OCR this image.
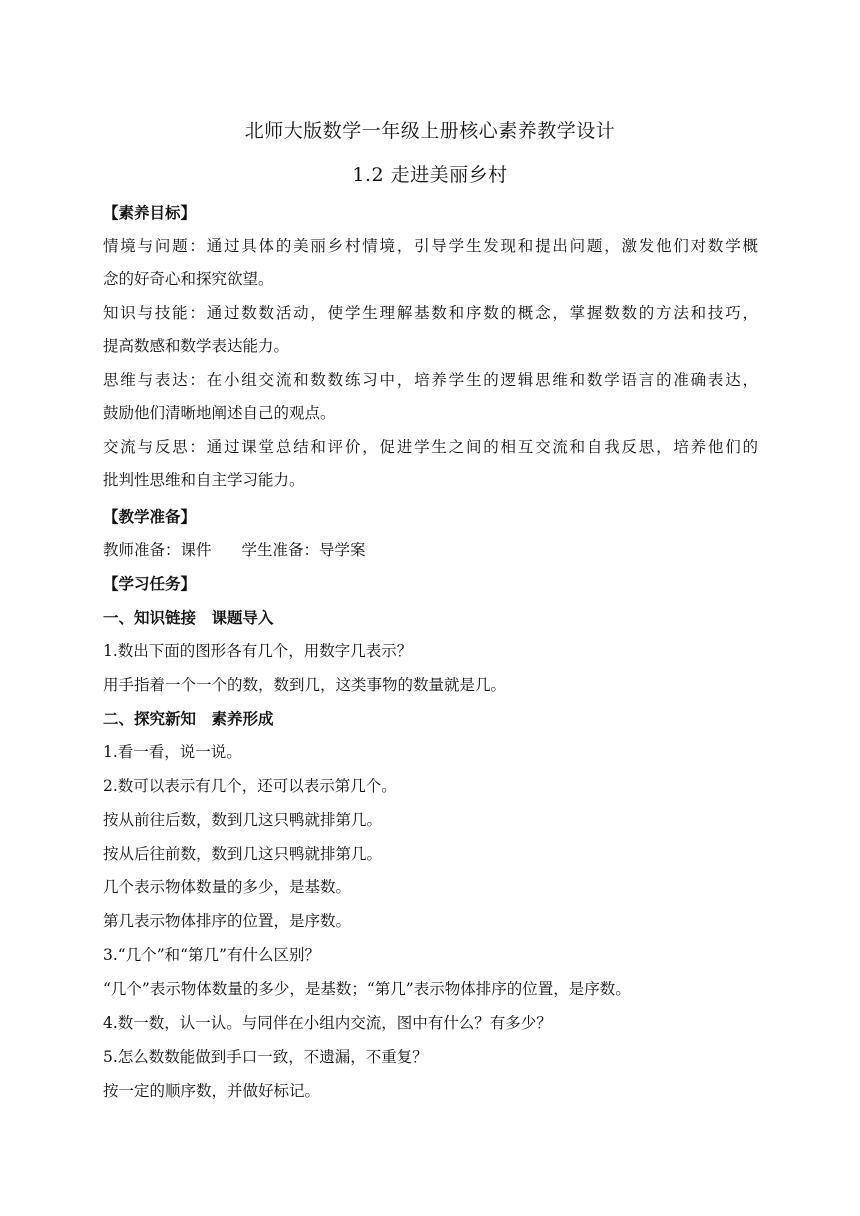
北师大版数学一年级上册核心素养教学设计
1.2 走进美丽乡村
【素养目标】
情境与问题：通过具体的美丽乡村情境，引导学生发现和提出问题，激发他们对数学概
念的好奇心和探究欲望。
知识与技能：通过数数活动，使学生理解基数和序数的概念，掌握数数的方法和技巧，
提高数感和数学表达能力。
思维与表达：在小组交流和数数练习中，培养学生的逻辑思维和数学语言的准确表达，
鼓励他们清晰地阐述自己的观点。
交流与反思：通过课堂总结和评价，促进学生之间的相互交流和自我反思，培养他们的
批判性思维和自主学习能力。
【教学准备】
教师准备：课件 学生准备：导学案
【学习任务】
一、知识链接　课题导入
1.数出下面的图形各有几个，用数字几表示？
用手指着一个一个的数，数到几，这类事物的数量就是几。
二、探究新知　素养形成
1.看一看，说一说。
2.数可以表示有几个，还可以表示第几个。
按从前往后数，数到几这只鸭就排第几。
按从后往前数，数到几这只鸭就排第几。
几个表示物体数量的多少，是基数。
第几表示物体排序的位置，是序数。
3.“几个”和“第几”有什么区别？
“几个”表示物体数量的多少，是基数；“第几”表示物体排序的位置，是序数。
4.数一数，认一认。与同伴在小组内交流，图中有什么？有多少？
5.怎么数数能做到手口一致，不遗漏，不重复？
按一定的顺序数，并做好标记。
